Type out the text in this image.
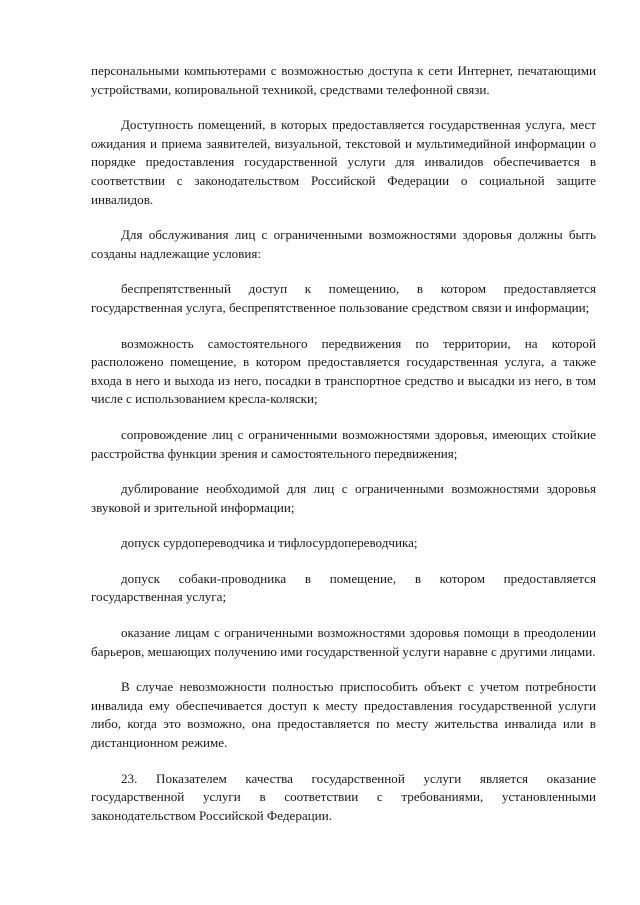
персональными компьютерами с возможностью доступа к сети Интернет, печатающими устройствами, копировальной техникой, средствами телефонной связи.

Доступность помещений, в которых предоставляется государственная услуга, мест ожидания и приема заявителей, визуальной, текстовой и мультимедийной информации о порядке предоставления государственной услуги для инвалидов обеспечивается в соответствии с законодательством Российской Федерации о социальной защите инвалидов.

Для обслуживания лиц с ограниченными возможностями здоровья должны быть созданы надлежащие условия:

беспрепятственный доступ к помещению, в котором предоставляется государственная услуга, беспрепятственное пользование средством связи и информации;

возможность самостоятельного передвижения по территории, на которой расположено помещение, в котором предоставляется государственная услуга, а также входа в него и выхода из него, посадки в транспортное средство и высадки из него, в том числе с использованием кресла-коляски;

сопровождение лиц с ограниченными возможностями здоровья, имеющих стойкие расстройства функции зрения и самостоятельного передвижения;

дублирование необходимой для лиц с ограниченными возможностями здоровья звуковой и зрительной информации;

допуск сурдопереводчика и тифлосурдопереводчика;

допуск собаки-проводника в помещение, в котором предоставляется государственная услуга;

оказание лицам с ограниченными возможностями здоровья помощи в преодолении барьеров, мешающих получению ими государственной услуги наравне с другими лицами.

В случае невозможности полностью приспособить объект с учетом потребности инвалида ему обеспечивается доступ к месту предоставления государственной услуги либо, когда это возможно, она предоставляется по месту жительства инвалида или в дистанционном режиме.

23. Показателем качества государственной услуги является оказание государственной услуги в соответствии с требованиями, установленными законодательством Российской Федерации.
